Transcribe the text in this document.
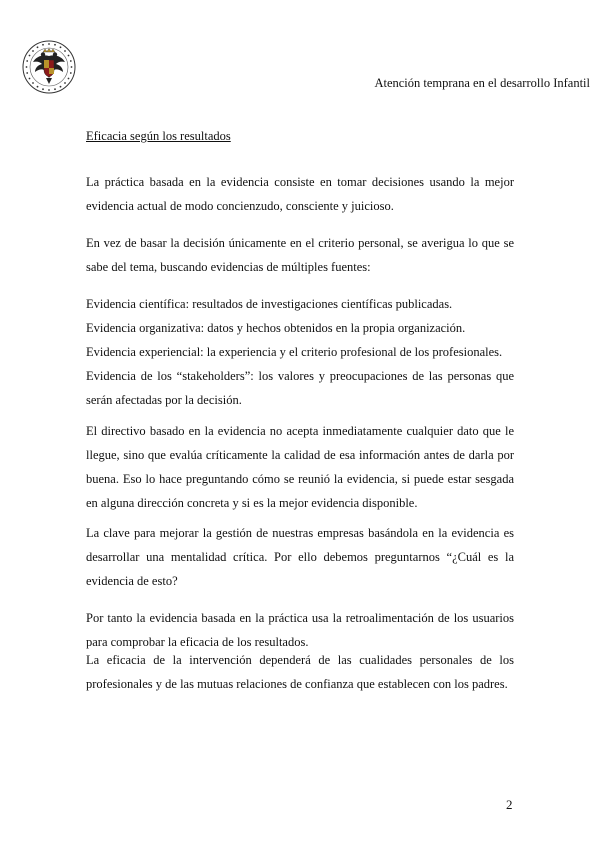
Atención temprana en el desarrollo Infantil
Eficacia según los resultados
La práctica basada en la evidencia consiste en tomar decisiones usando la mejor evidencia actual de modo concienzudo, consciente y juicioso.
En vez de basar la decisión únicamente en el criterio personal, se averigua lo que se sabe del tema, buscando evidencias de múltiples fuentes:

Evidencia científica: resultados de investigaciones científicas publicadas.

Evidencia organizativa: datos y hechos obtenidos en la propia organización.

Evidencia experiencial: la experiencia y el criterio profesional de los profesionales.

Evidencia de los “stakeholders”: los valores y preocupaciones de las personas que serán afectadas por la decisión.

El directivo basado en la evidencia no acepta inmediatamente cualquier dato que le llegue, sino que evalúa críticamente la calidad de esa información antes de darla por buena. Eso lo hace preguntando cómo se reunió la evidencia, si puede estar sesgada en alguna dirección concreta y si es la mejor evidencia disponible.
La clave para mejorar la gestión de nuestras empresas basándola en la evidencia es desarrollar una mentalidad crítica. Por ello debemos preguntarnos “¿Cuál es la evidencia de esto?
Por tanto la evidencia basada en la práctica usa la retroalimentación de los usuarios para comprobar la eficacia de los resultados.
La eficacia de la intervención dependerá de las cualidades personales de los profesionales y de las mutuas relaciones de confianza que establecen con los padres.
2
